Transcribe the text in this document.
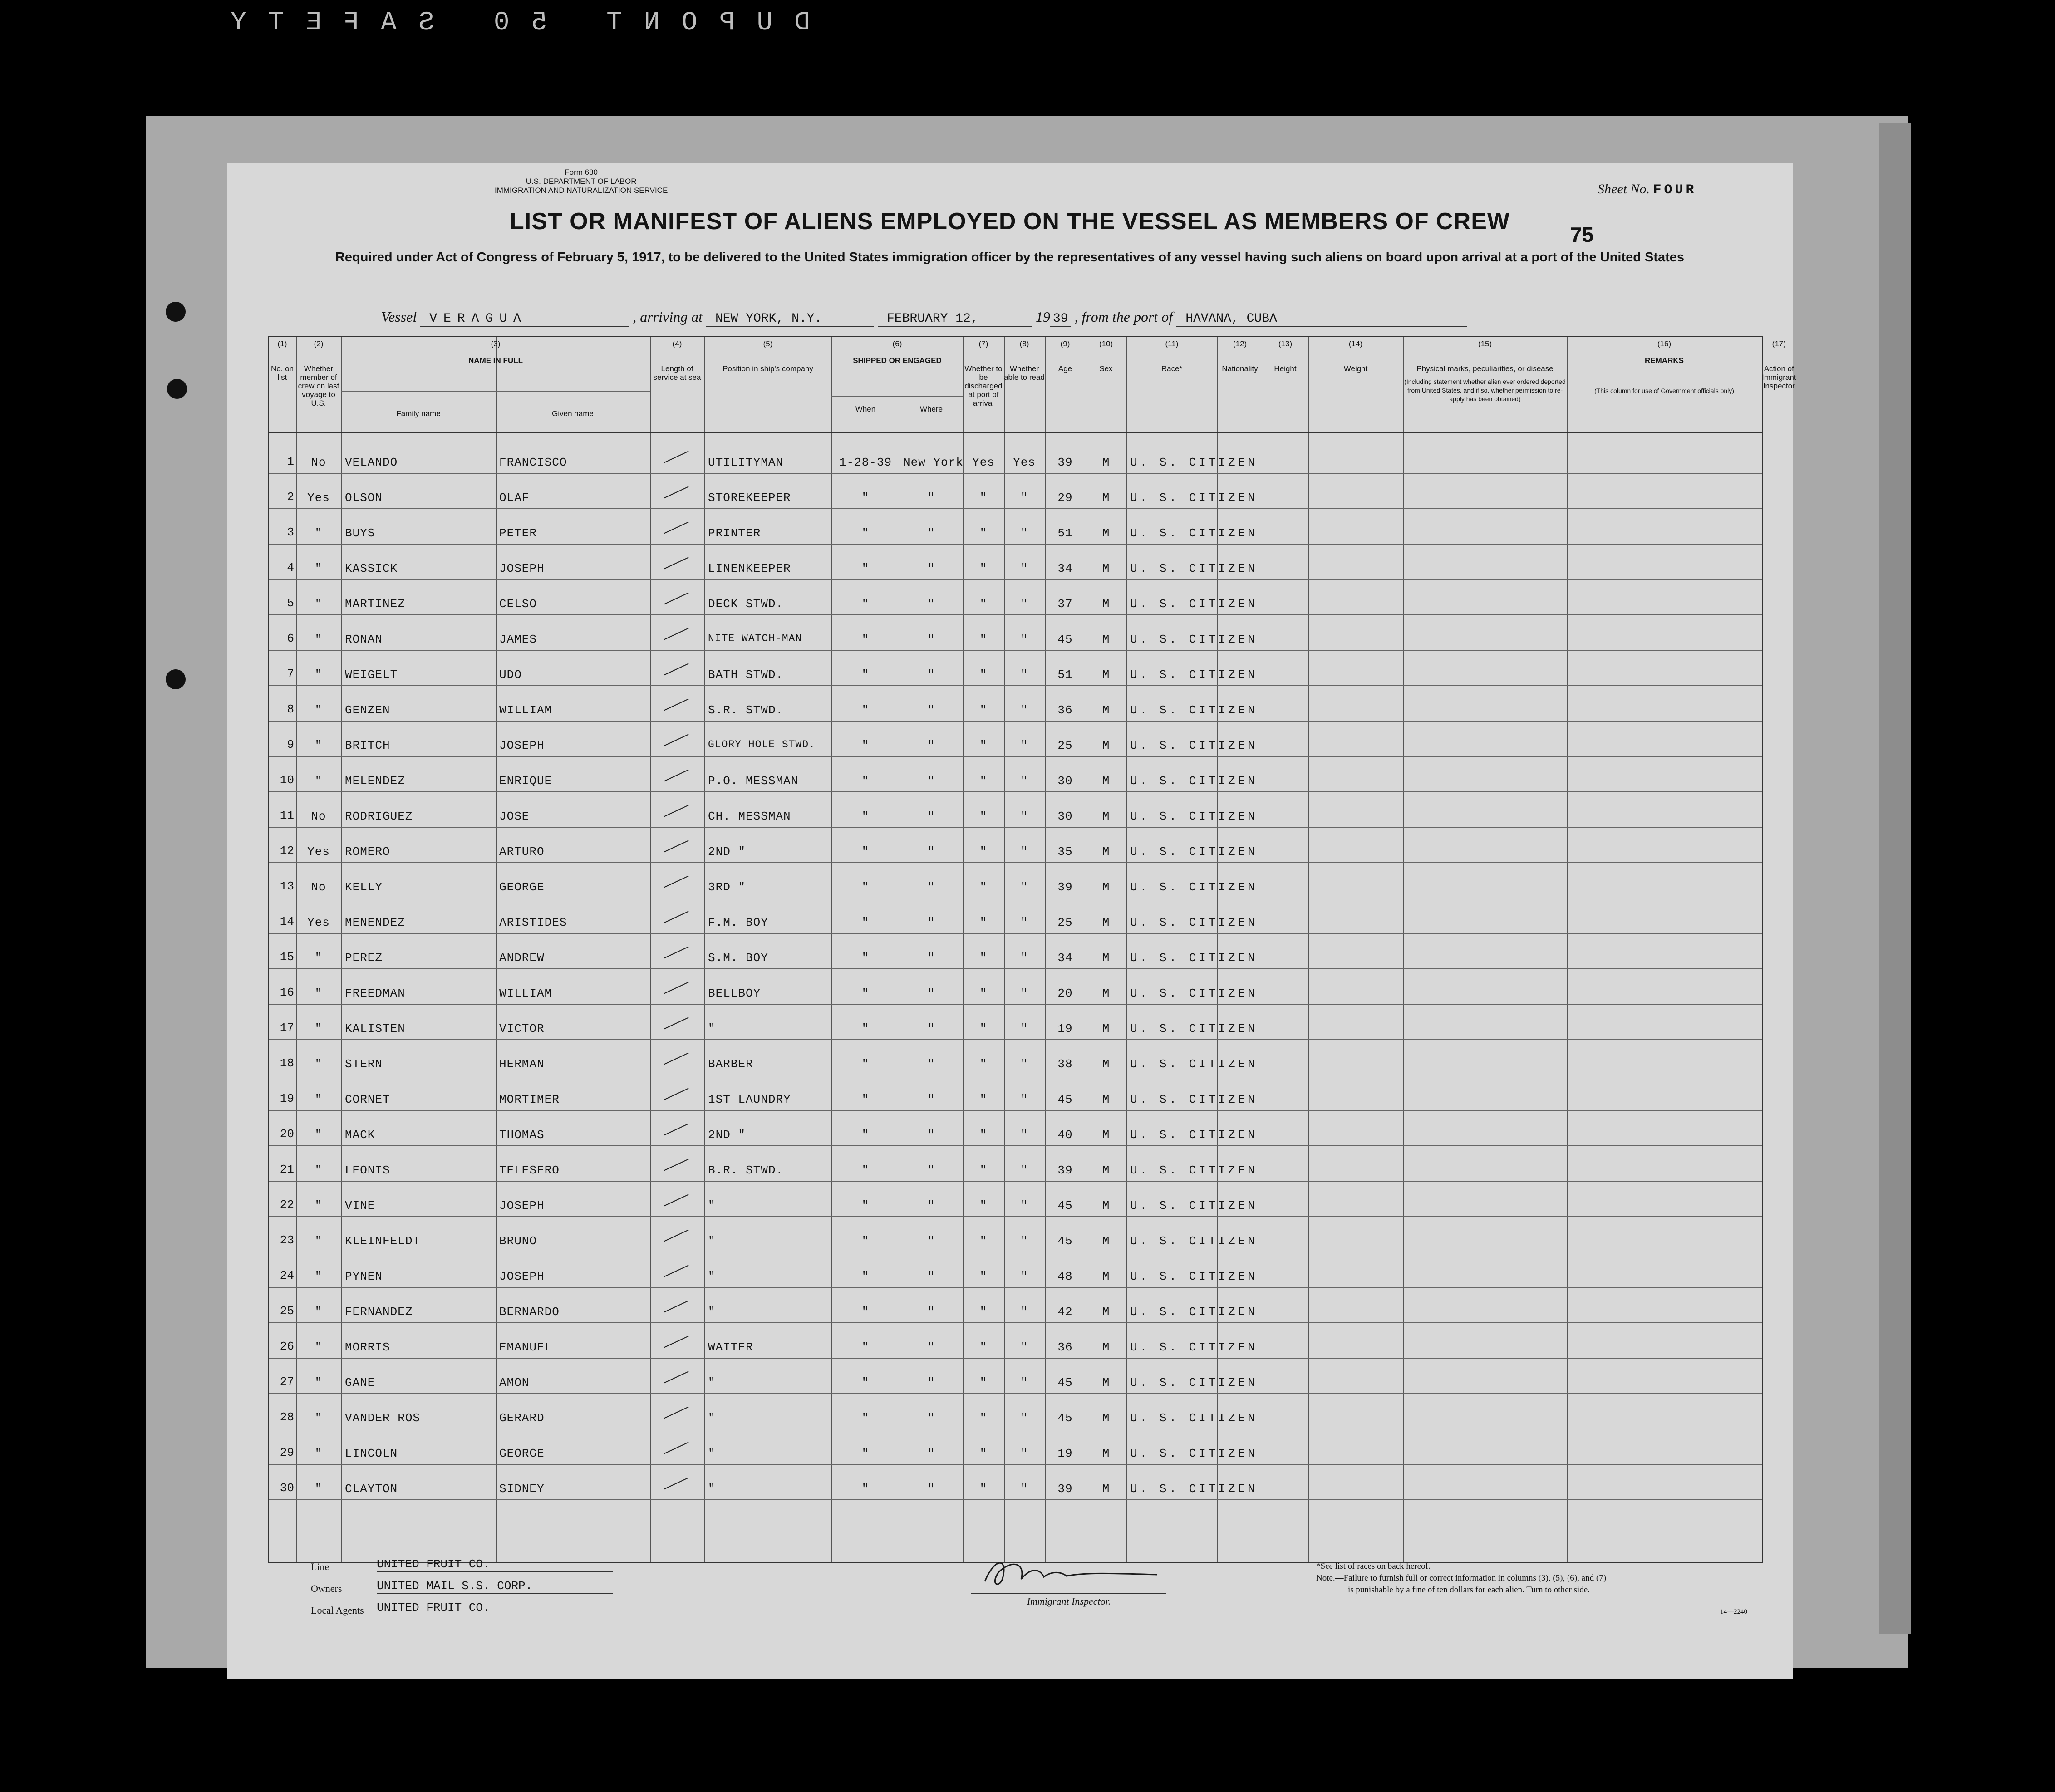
DUPONT 50 SAFETY
Form 680
U.S. DEPARTMENT OF LABOR
IMMIGRATION AND NATURALIZATION SERVICE	Sheet No. FOUR
75
LIST OR MANIFEST OF ALIENS EMPLOYED ON THE VESSEL AS MEMBERS OF CREW
Required under Act of Congress of February 5, 1917, to be delivered to the United States immigration officer by the representatives of any vessel having such aliens on board upon arrival at a port of the United States
Vessel VERAGUA	, arriving at NEW YORK, N.Y.	FEBRUARY 12,	19 39 , from the port of HAVANA, CUBA
(1)
No. on list
(2)
Whether member of crew on last voyage to U.S.
(3)
NAME IN FULL
(4)
Length of service at sea
(5)
Position in ship's company
(6)
SHIPPED OR ENGAGED
(7)
Whether to be discharged at port of arrival
(8)
Whether able to read
(9)
Age
(10)
Sex
(11)
Race*
(12)
Nationality
(13)
Height
(14)
Weight
(15)
Physical marks, peculiarities, or disease
(16)
REMARKS
(17)
Action of Immigrant Inspector
Family name	Given name
When	Where
(Including statement whether alien ever ordered deported from United States, and if so, whether permission to re-apply has been obtained)
(This column for use of Government officials only)
1	No	VELANDO	FRANCISCO	UTILITYMAN	1-28-39 New York Yes	Yes	39	M	U. S. CITIZEN
2	Yes	OLSON	OLAF	STOREKEEPER	"	"	"	"	29	M	U. S. CITIZEN
3	"	BUYS	PETER	PRINTER	"	"	"	"	51	M	U. S. CITIZEN
4	"	KASSICK	JOSEPH	LINENKEEPER	"	"	"	"	34	M	U. S. CITIZEN
5	"	MARTINEZ	CELSO	DECK STWD.	"	"	"	"	37	M	U. S. CITIZEN
6	"	RONAN	JAMES	NITE WATCH-MAN	"	"	"	"	45	M	U. S. CITIZEN
7	"	WEIGELT	UDO	BATH STWD.	"	"	"	"	51	M	U. S. CITIZEN
8	"	GENZEN	WILLIAM	S.R. STWD.	"	"	"	"	36	M	U. S. CITIZEN
9	"	BRITCH	JOSEPH	GLORY HOLE STWD.	"	"	"	"	25	M	U. S. CITIZEN
10	"	MELENDEZ	ENRIQUE	P.O. MESSMAN	"	"	"	"	30	M	U. S. CITIZEN
11	No	RODRIGUEZ	JOSE	CH. MESSMAN	"	"	"	"	30	M	U. S. CITIZEN
12	Yes	ROMERO	ARTURO	2ND "	"	"	"	"	35	M	U. S. CITIZEN
13	No	KELLY	GEORGE	3RD "	"	"	"	"	39	M	U. S. CITIZEN
14	Yes	MENENDEZ	ARISTIDES	F.M. BOY	"	"	"	"	25	M	U. S. CITIZEN
15	"	PEREZ	ANDREW	S.M. BOY	"	"	"	"	34	M	U. S. CITIZEN
16	"	FREEDMAN	WILLIAM	BELLBOY	"	"	"	"	20	M	U. S. CITIZEN
17	"	KALISTEN	VICTOR	"	"	"	"	"	19	M	U. S. CITIZEN
18	"	STERN	HERMAN	BARBER	"	"	"	"	38	M	U. S. CITIZEN
19	"	CORNET	MORTIMER	1ST LAUNDRY	"	"	"	"	45	M	U. S. CITIZEN
20	"	MACK	THOMAS	2ND "	"	"	"	"	40	M	U. S. CITIZEN
21	"	LEONIS	TELESFRO	B.R. STWD.	"	"	"	"	39	M	U. S. CITIZEN
22	"	VINE	JOSEPH	"	"	"	"	"	45	M	U. S. CITIZEN
23	"	KLEINFELDT	BRUNO	"	"	"	"	"	45	M	U. S. CITIZEN
24	"	PYNEN	JOSEPH	"	"	"	"	"	48	M	U. S. CITIZEN
25	"	FERNANDEZ	BERNARDO	"	"	"	"	"	42	M	U. S. CITIZEN
26	"	MORRIS	EMANUEL	WAITER	"	"	"	"	36	M	U. S. CITIZEN
27	"	GANE	AMON	"	"	"	"	"	45	M	U. S. CITIZEN
28	"	VANDER ROS	GERARD	"	"	"	"	"	45	M	U. S. CITIZEN
29	"	LINCOLN	GEORGE	"	"	"	"	"	19	M	U. S. CITIZEN
30	"	CLAYTON	SIDNEY	"	"	"	"	"	39	M	U. S. CITIZEN
Line	UNITED FRUIT CO.
Owners	UNITED MAIL S.S. CORP.
Local Agents UNITED FRUIT CO.	Immigrant Inspector.
*See list of races on back hereof.
Note.—Failure to furnish full or correct information in columns (3), (5), (6), and (7)
is punishable by a fine of ten dollars for each alien. Turn to other side.
14—2240
